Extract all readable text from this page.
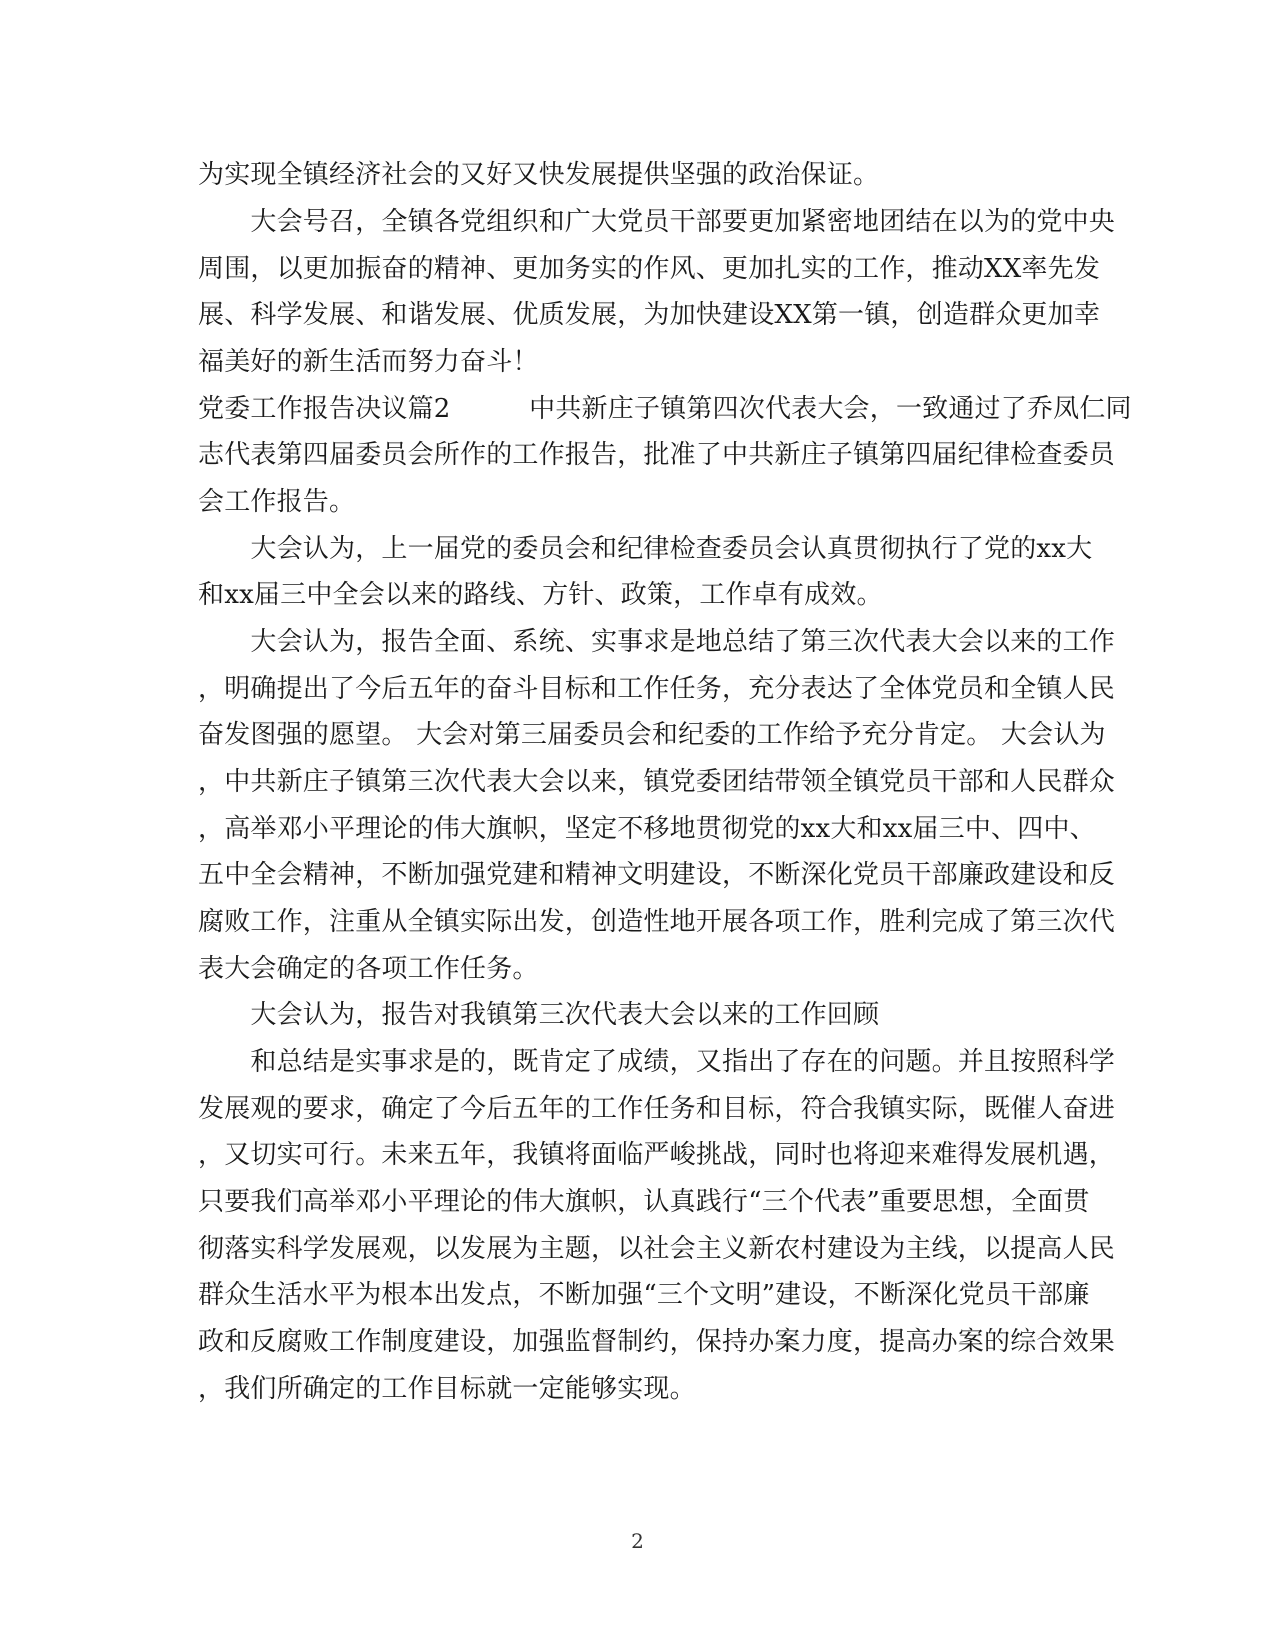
为实现全镇经济社会的又好又快发展提供坚强的政治保证。
　　大会号召，全镇各党组织和广大党员干部要更加紧密地团结在以为的党中央
周围，以更加振奋的精神、更加务实的作风、更加扎实的工作，推动XX率先发
展、科学发展、和谐发展、优质发展，为加快建设XX第一镇，创造群众更加幸
福美好的新生活而努力奋斗！
党委工作报告决议篇2　　　中共新庄子镇第四次代表大会，一致通过了乔凤仁同
志代表第四届委员会所作的工作报告，批准了中共新庄子镇第四届纪律检查委员
会工作报告。
　　大会认为，上一届党的委员会和纪律检查委员会认真贯彻执行了党的xx大
和xx届三中全会以来的路线、方针、政策，工作卓有成效。
　　大会认为，报告全面、系统、实事求是地总结了第三次代表大会以来的工作
，明确提出了今后五年的奋斗目标和工作任务，充分表达了全体党员和全镇人民
奋发图强的愿望。 大会对第三届委员会和纪委的工作给予充分肯定。 大会认为
，中共新庄子镇第三次代表大会以来，镇党委团结带领全镇党员干部和人民群众
，高举邓小平理论的伟大旗帜，坚定不移地贯彻党的xx大和xx届三中、四中、
五中全会精神，不断加强党建和精神文明建设，不断深化党员干部廉政建设和反
腐败工作，注重从全镇实际出发，创造性地开展各项工作，胜利完成了第三次代
表大会确定的各项工作任务。
　　大会认为，报告对我镇第三次代表大会以来的工作回顾
　　和总结是实事求是的，既肯定了成绩，又指出了存在的问题。并且按照科学
发展观的要求，确定了今后五年的工作任务和目标，符合我镇实际，既催人奋进
，又切实可行。未来五年，我镇将面临严峻挑战，同时也将迎来难得发展机遇，
只要我们高举邓小平理论的伟大旗帜，认真践行“三个代表”重要思想，全面贯
彻落实科学发展观，以发展为主题，以社会主义新农村建设为主线，以提高人民
群众生活水平为根本出发点，不断加强“三个文明”建设，不断深化党员干部廉
政和反腐败工作制度建设，加强监督制约，保持办案力度，提高办案的综合效果
，我们所确定的工作目标就一定能够实现。
2
